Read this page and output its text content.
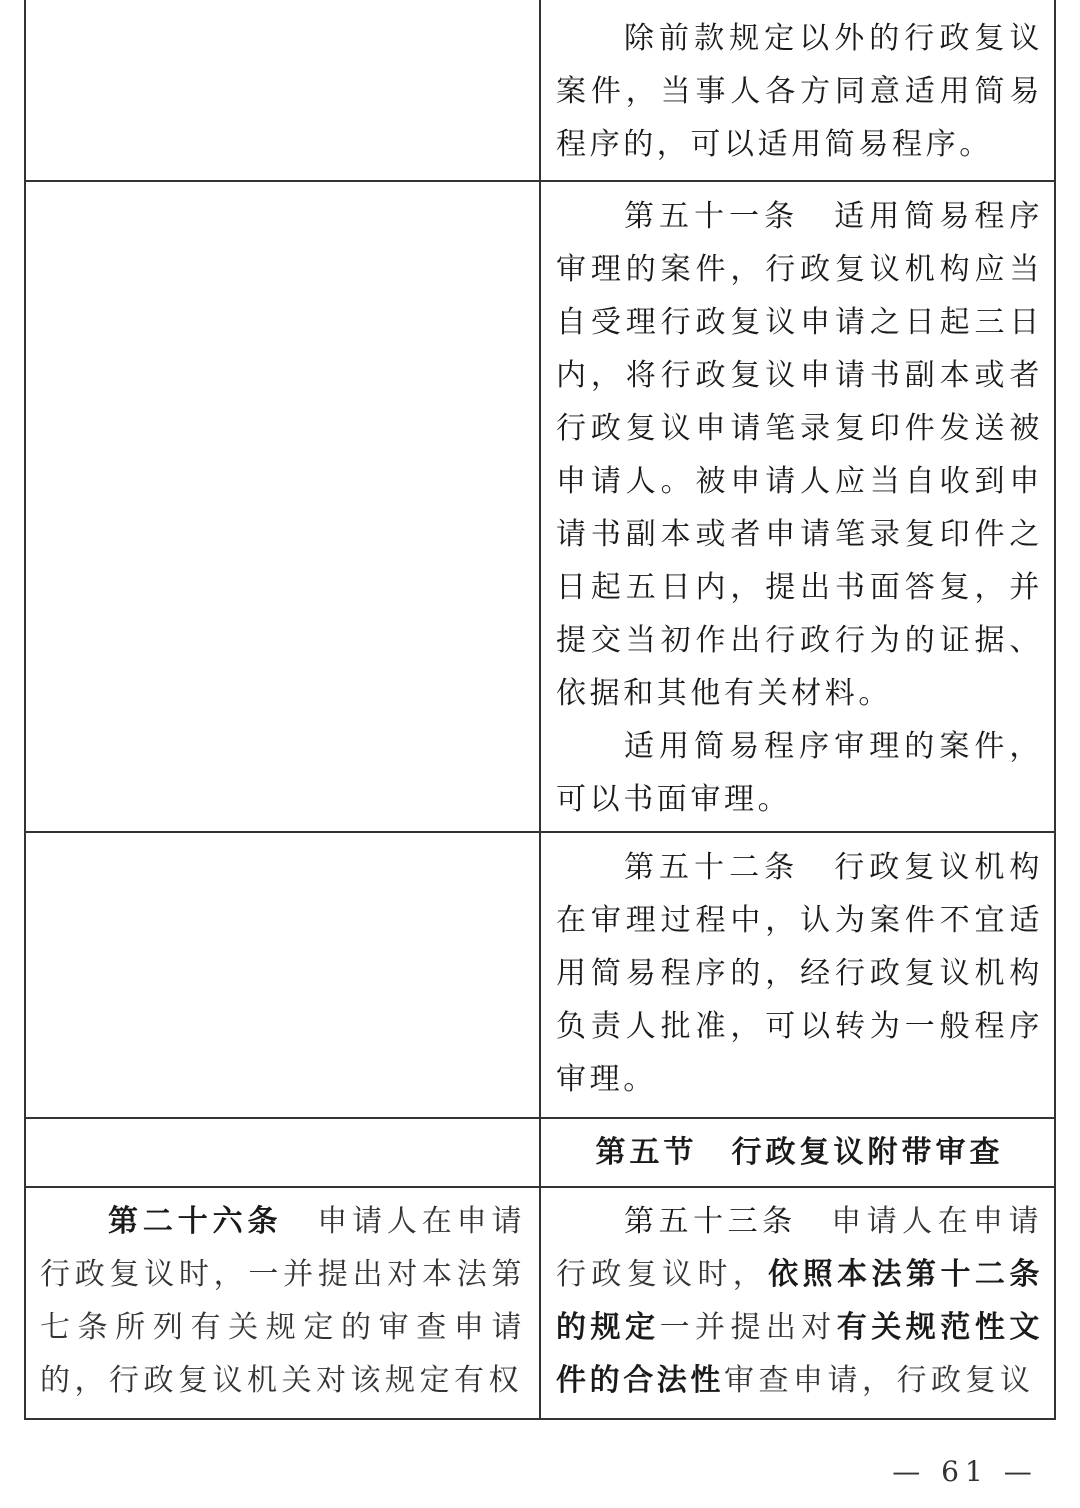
除前款规定以外的行政复议案件，当事人各方同意适用简易程序的，可以适用简易程序。

第五十一条　 适用简易程序审理的案件，行政复议机构应当自受理行政复议申请之日起三日内，将行政复议申请书副本或者行政复议申请笔录复印件发送被申请人。被申请人应当自收到申请书副本或者申请笔录复印件之日起五日内，提出书面答复，并提交当初作出行政行为的证据、依据和其他有关材料。

适用简易程序审理的案件，可以书面审理。

第五十二条　 行政复议机构在审理过程中，认为案件不宜适用简易程序的，经行政复议机构负责人批准，可以转为一般程序审理。

第五节　行政复议附带审查

第二十六条　 申请人在申请行政复议时，一并提出对本法第七条所列有关规定的审查申请的，行政复议机关对该规定有权

第五十三条　 申请人在申请行政复议时，依照本法第十二条的规定一并提出对有关规范性文件的合法性审查申请，行政复议

— 61 —
